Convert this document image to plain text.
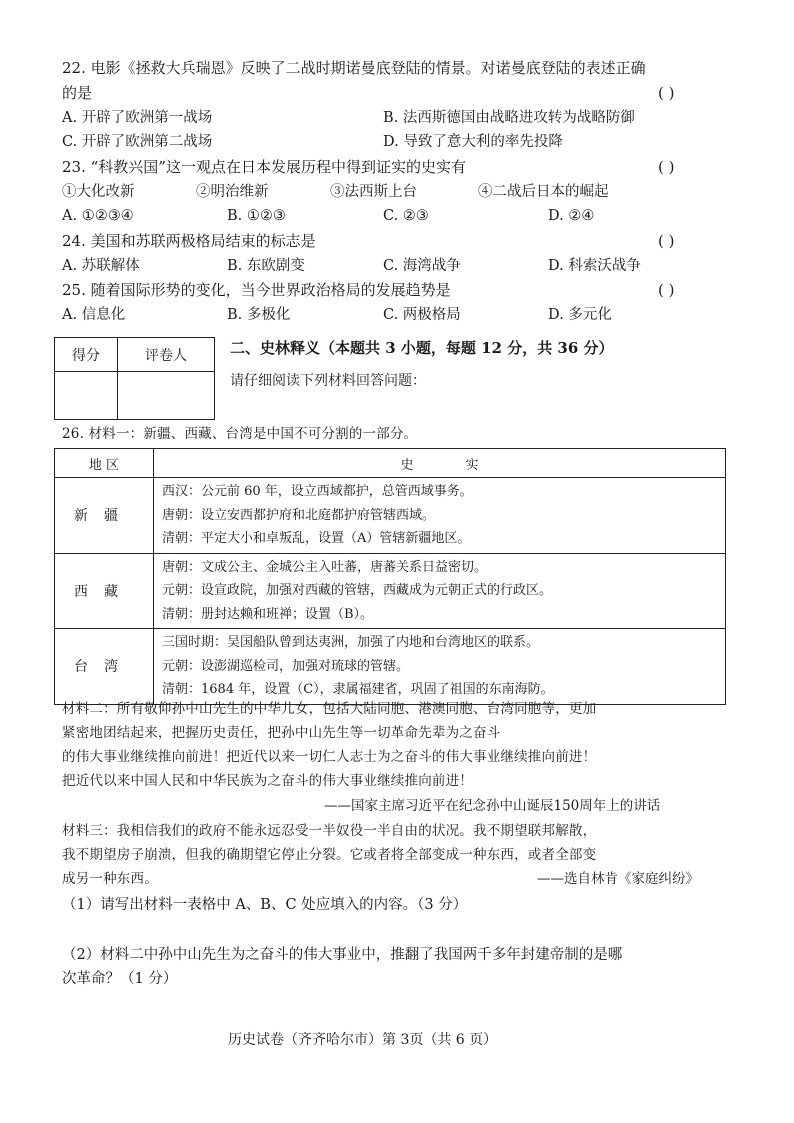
22. 电影《拯救大兵瑞恩》反映了二战时期诺曼底登陆的情景。对诺曼底登陆的表述正确
的是	( )
A. 开辟了欧洲第一战场	B. 法西斯德国由战略进攻转为战略防御
C. 开辟了欧洲第二战场	D. 导致了意大利的率先投降
23. “科教兴国”这一观点在日本发展历程中得到证实的史实有	( )
①大化改新	②明治维新	③法西斯上台	④二战后日本的崛起
A. ①②③④	B. ①②③	C. ②③	D. ②④
24. 美国和苏联两极格局结束的标志是	( )
A. 苏联解体	B. 东欧剧变	C. 海湾战争	D. 科索沃战争
25. 随着国际形势的变化，当今世界政治格局的发展趋势是	( )
A. 信息化	B. 多极化	C. 两极格局	D. 多元化
得分	评卷人
		二、史林释义（本题共 3 小题，每题 12 分，共 36 分）
请仔细阅读下列材料回答问题：
26. 材料一：新疆、西藏、台湾是中国不可分割的一部分。
地 区	史　　　　实
新疆	西汉：公元前 60 年，设立西域都护，总管西域事务。
唐朝：设立安西都护府和北庭都护府管辖西域。
清朝：平定大小和卓叛乱，设置（A）管辖新疆地区。

西藏	唐朝：文成公主、金城公主入吐蕃，唐蕃关系日益密切。
元朝：设宣政院，加强对西藏的管辖，西藏成为元朝正式的行政区。
清朝：册封达赖和班禅；设置（B）。

台湾	三国时期：吴国船队曾到达夷洲，加强了内地和台湾地区的联系。
元朝：设澎湖巡检司，加强对琉球的管辖。
清朝：1684 年，设置（C），隶属福建省，巩固了祖国的东南海防。
材料二：所有敬仰孙中山先生的中华儿女，包括大陆同胞、港澳同胞、台湾同胞等，更加
紧密地团结起来，把握历史责任，把孙中山先生等一切革命先辈为之奋斗
的伟大事业继续推向前进！把近代以来一切仁人志士为之奋斗的伟大事业继续推向前进！
把近代以来中国人民和中华民族为之奋斗的伟大事业继续推向前进！
——国家主席习近平在纪念孙中山诞辰150周年上的讲话
材料三：我相信我们的政府不能永远忍受一半奴役一半自由的状况。我不期望联邦解散，
我不期望房子崩溃，但我的确期望它停止分裂。它或者将全部变成一种东西，或者全部变
成另一种东西。	——选自林肯《家庭纠纷》
（1）请写出材料一表格中 A、B、C 处应填入的内容。（3 分）
（2）材料二中孙中山先生为之奋斗的伟大事业中，推翻了我国两千多年封建帝制的是哪
次革命？（1 分）
历史试卷（齐齐哈尔市）第 3页（共 6 页）
